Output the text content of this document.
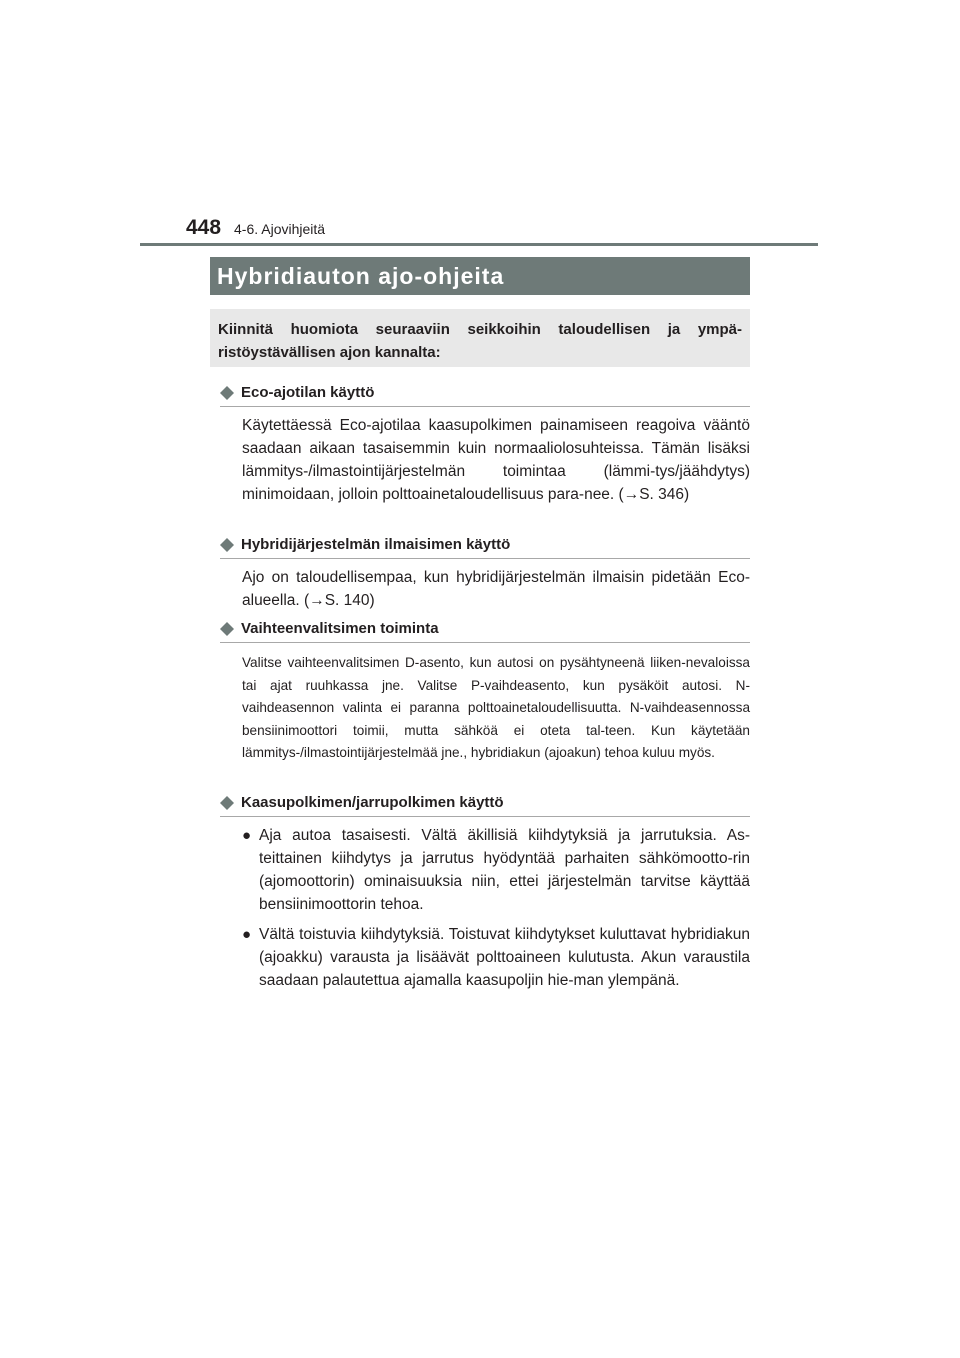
448 4-6. Ajovihjeitä
Hybridiauton ajo-ohjeita
Kiinnitä huomiota seuraaviin seikkoihin taloudellisen ja ympä-ristöystävällisen ajon kannalta:
Eco-ajotilan käyttö
Käytettäessä Eco-ajotilaa kaasupolkimen painamiseen reagoiva vääntö saadaan aikaan tasaisemmin kuin normaaliolosuhteissa. Tämän lisäksi lämmitys-/ilmastointijärjestelmän toimintaa (lämmi-tys/jäähdytys) minimoidaan, jolloin polttoainetaloudellisuus para-nee. (→S. 346)
Hybridijärjestelmän ilmaisimen käyttö
Ajo on taloudellisempaa, kun hybridijärjestelmän ilmaisin pidetään Eco-alueella. (→S. 140)
Vaihteenvalitsimen toiminta
Valitse vaihteenvalitsimen D-asento, kun autosi on pysähtyneenä liiken-nevaloissa tai ajat ruuhkassa jne. Valitse P-vaihdeasento, kun pysäköit autosi. N-vaihdeasennon valinta ei paranna polttoainetaloudellisuutta. N-vaihdeasennossa bensiinimoottori toimii, mutta sähköä ei oteta tal-teen. Kun käytetään lämmitys-/ilmastointijärjestelmää jne., hybridiakun (ajoakun) tehoa kuluu myös.
Kaasupolkimen/jarrupolkimen käyttö
● Aja autoa tasaisesti. Vältä äkillisiä kiihdytyksiä ja jarrutuksia. As-teittainen kiihdytys ja jarrutus hyödyntää parhaiten sähkömootto-rin (ajomoottorin) ominaisuuksia niin, ettei järjestelmän tarvitse käyttää bensiinimoottorin tehoa.
● Vältä toistuvia kiihdytyksiä. Toistuvat kiihdytykset kuluttavat hybridiakun (ajoakku) varausta ja lisäävät polttoaineen kulutusta. Akun varaustila saadaan palautettua ajamalla kaasupoljin hie-man ylempänä.
